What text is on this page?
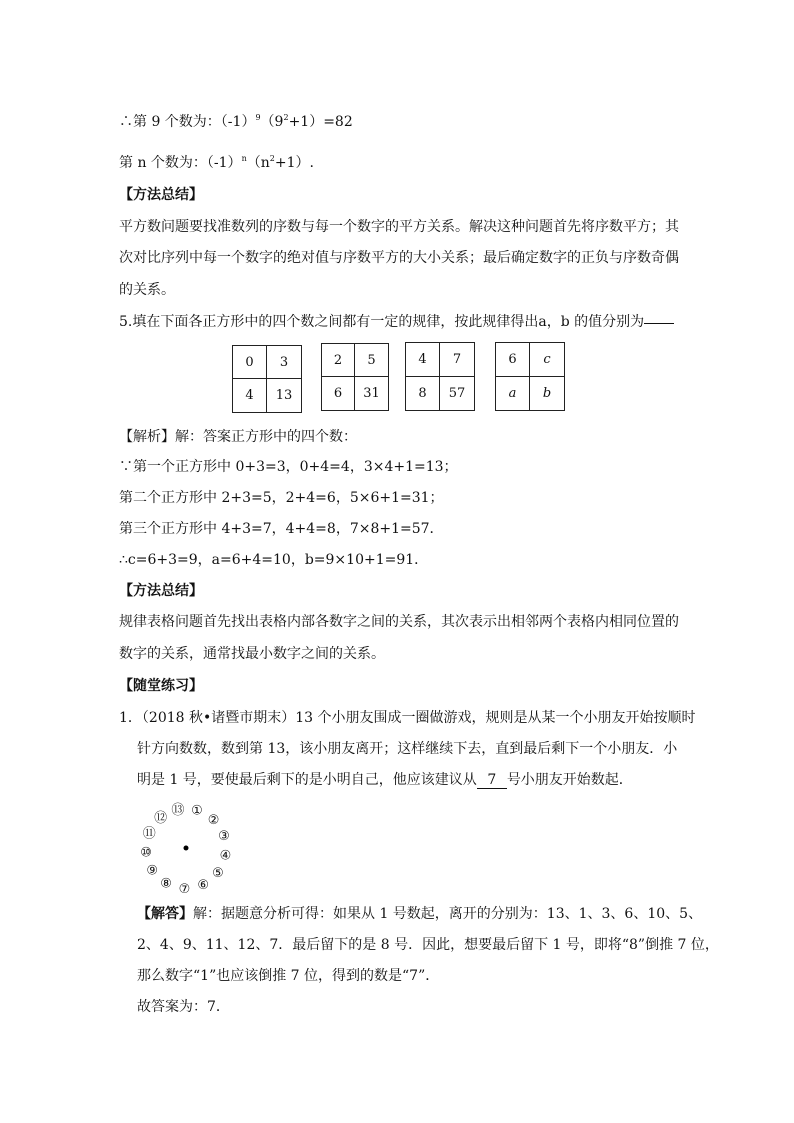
∴第 9 个数为：$(-1)^9(9^2+1)=82$
第 n 个数为：$(-1)^n(n^2+1)$.
【方法总结】
平方数问题要找准数列的序数与每一个数字的平方关系。解决这种问题首先将序数平方；其
次对比序列中每一个数字的绝对值与序数平方的大小关系；最后确定数字的正负与序数奇偶
的关系。
5.填在下面各正方形中的四个数之间都有一定的规律，按此规律得出a，b 的值分别为
0	3
4	13
2	5
6	31
4	7
8	57
6	c
a	b
【解析】解：答案正方形中的四个数：
∵第一个正方形中 0+3=3，0+4=4，3×4+1=13；
第二个正方形中 2+3=5，2+4=6，5×6+1=31；
第三个正方形中 4+3=7，4+4=8，7×8+1=57．
∴c=6+3=9，a=6+4=10，b=9×10+1=91．
【方法总结】
规律表格问题首先找出表格内部各数字之间的关系，其次表示出相邻两个表格内相同位置的
数字的关系，通常找最小数字之间的关系。
【随堂练习】
1．（2018 秋•诸暨市期末）13 个小朋友围成一圈做游戏，规则是从某一个小朋友开始按顺时
针方向数数，数到第 13，该小朋友离开；这样继续下去，直到最后剩下一个小朋友．小
明是 1 号，要使最后剩下的是小明自己，他应该建议从 7 号小朋友开始数起．
①
②
③
④
⑤
⑥
⑦
⑧
⑨
⑩
⑪
⑫
⑬
【解答】解：据题意分析可得：如果从 1 号数起，离开的分别为：13、1、3、6、10、5、
2、4、9、11、12、7．最后留下的是 8 号．因此，想要最后留下 1 号，即将“8”倒推 7 位，
那么数字“1”也应该倒推 7 位，得到的数是“7”．
故答案为：7．
